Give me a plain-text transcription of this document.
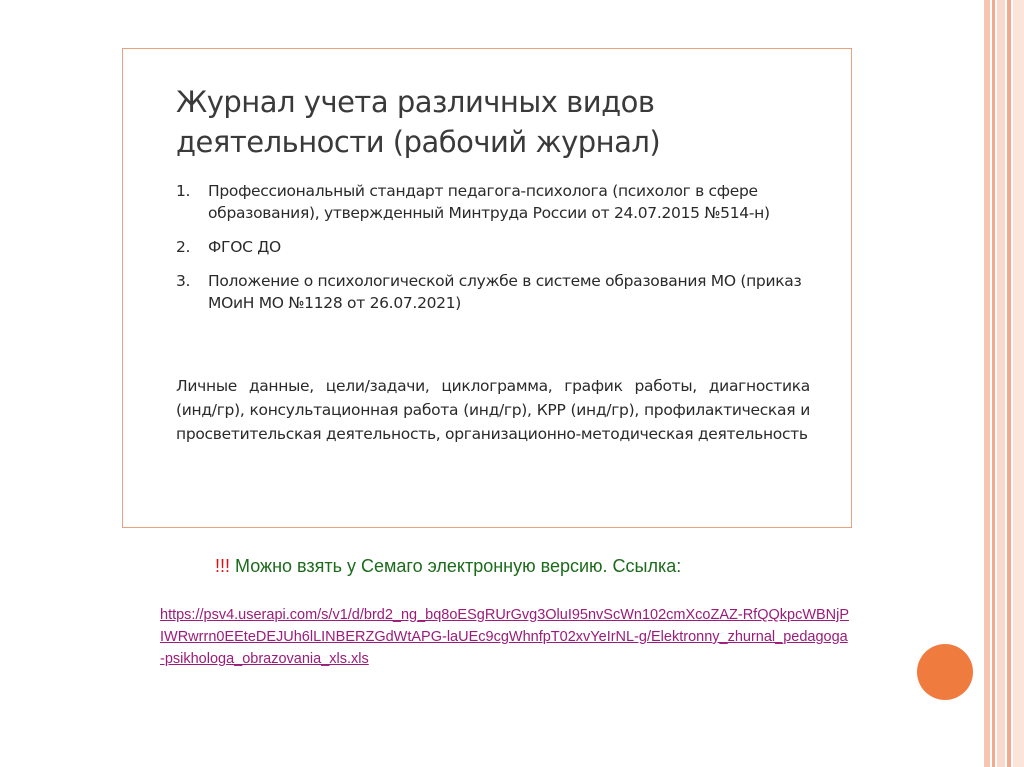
Журнал учета различных видов
деятельности (рабочий журнал)
1. Профессиональный стандарт педагога-психолога (психолог в сфере образования), утвержденный Минтруда России от 24.07.2015 №514-н)
2. ФГОС ДО
3. Положение о психологической службе в системе образования МО (приказ МОиН МО №1128 от 26.07.2021)
Личные данные, цели/задачи, циклограмма, график работы, диагностика (инд/гр), консультационная работа (инд/гр), КРР (инд/гр), профилактическая и просветительская деятельность, организационно-методическая деятельность
!!! Можно взять у Семаго электронную версию. Ссылка:
https://psv4.userapi.com/s/v1/d/brd2_ng_bq8oESgRUrGvg3OluI95nvScWn102cmXcoZAZ-RfQQkpcWBNjPIWRwrrn0EEteDEJUh6lLINBERZGdWtAPG-laUEc9cgWhnfpT02xvYeIrNL-g/Elektronny_zhurnal_pedagoga-psikhologa_obrazovania_xls.xls
